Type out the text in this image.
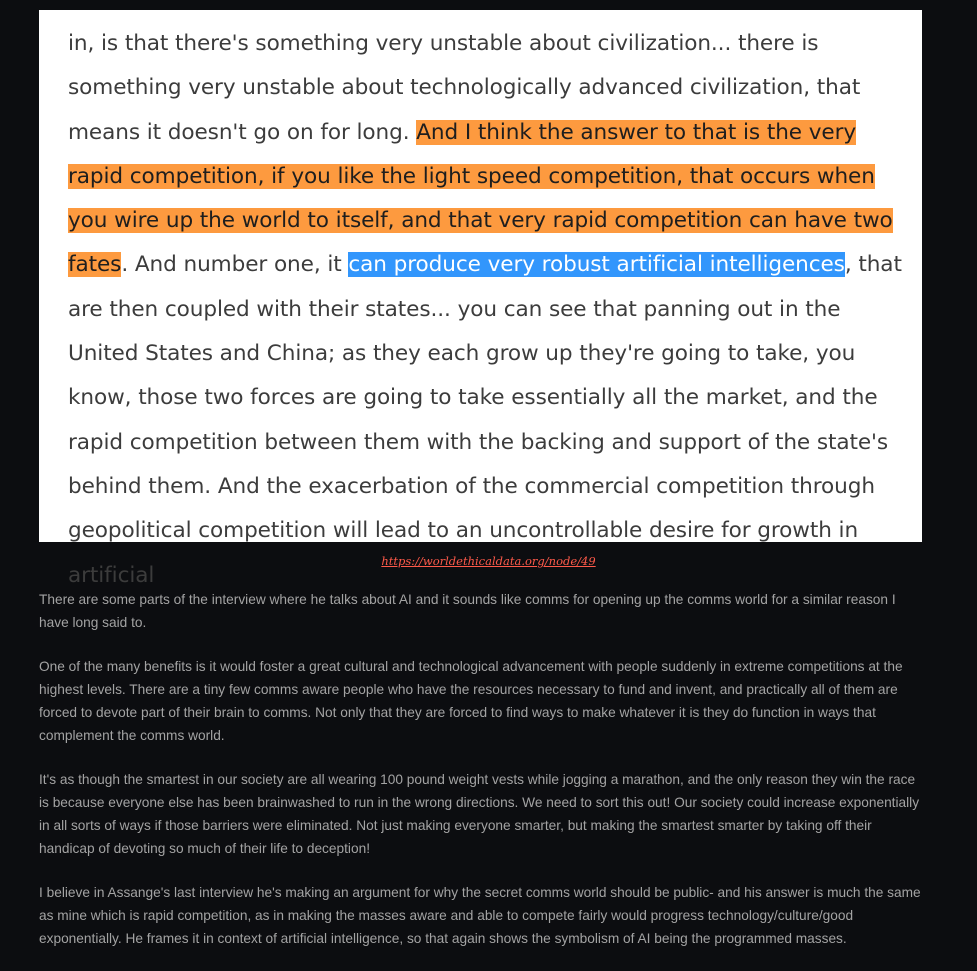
in, is that there's something very unstable about civilization... there is something very unstable about technologically advanced civilization, that means it doesn't go on for long. And I think the answer to that is the very rapid competition, if you like the light speed competition, that occurs when you wire up the world to itself, and that very rapid competition can have two fates. And number one, it can produce very robust artificial intelligences, that are then coupled with their states... you can see that panning out in the United States and China; as they each grow up they're going to take, you know, those two forces are going to take essentially all the market, and the rapid competition between them with the backing and support of the state's behind them. And the exacerbation of the commercial competition through geopolitical competition will lead to an uncontrollable desire for growth in artificial

https://worldethicaldata.org/node/49

There are some parts of the interview where he talks about AI and it sounds like comms for opening up the comms world for a similar reason I have long said to.

One of the many benefits is it would foster a great cultural and technological advancement with people suddenly in extreme competitions at the highest levels. There are a tiny few comms aware people who have the resources necessary to fund and invent, and practically all of them are forced to devote part of their brain to comms. Not only that they are forced to find ways to make whatever it is they do function in ways that complement the comms world.

It's as though the smartest in our society are all wearing 100 pound weight vests while jogging a marathon, and the only reason they win the race is because everyone else has been brainwashed to run in the wrong directions. We need to sort this out! Our society could increase exponentially in all sorts of ways if those barriers were eliminated. Not just making everyone smarter, but making the smartest smarter by taking off their handicap of devoting so much of their life to deception!

I believe in Assange's last interview he's making an argument for why the secret comms world should be public- and his answer is much the same as mine which is rapid competition, as in making the masses aware and able to compete fairly would progress technology/culture/good exponentially. He frames it in context of artificial intelligence, so that again shows the symbolism of AI being the programmed masses.
